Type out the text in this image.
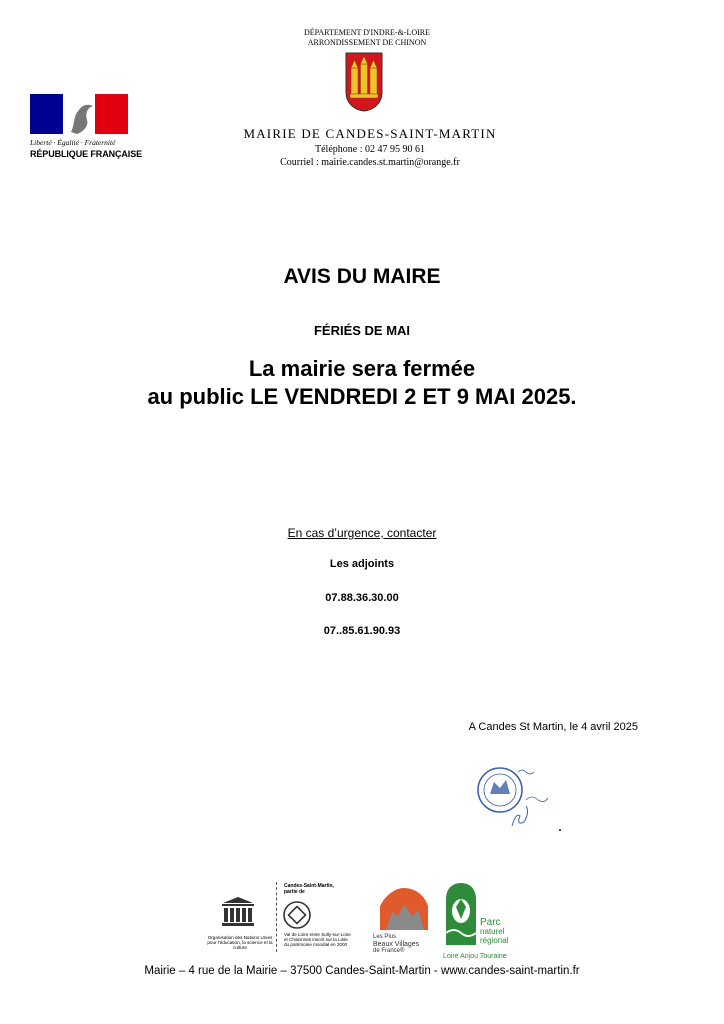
Liberté · Égalité · Fraternité
RÉPUBLIQUE FRANÇAISE
DÉPARTEMENT D'INDRE-&-LOIRE
ARRONDISSEMENT DE CHINON
MAIRIE DE CANDES-SAINT-MARTIN
Téléphone : 02 47 95 90 61
Courriel : mairie.candes.st.martin@orange.fr
AVIS DU MAIRE
FÉRIÉS DE MAI
La mairie sera fermée
au public LE VENDREDI 2 ET 9 MAI 2025.
En cas d’urgence, contacter
Les adjoints
07.88.36.30.00
07..85.61.90.93
A Candes St Martin, le 4 avril 2025
Organisation des Nations Unies pour l'éducation, la science et la culture
Candes-Saint-Martin, partie de
Val de Loire entre Sully-sur-Loire et Chalonnes inscrit sur la Liste du patrimoine mondial en 2000
Les Plus
Beaux Villages
de France®
Parc
naturel
régional
Loire Anjou Touraine
Mairie – 4 rue de la Mairie – 37500 Candes-Saint-Martin - www.candes-saint-martin.fr
